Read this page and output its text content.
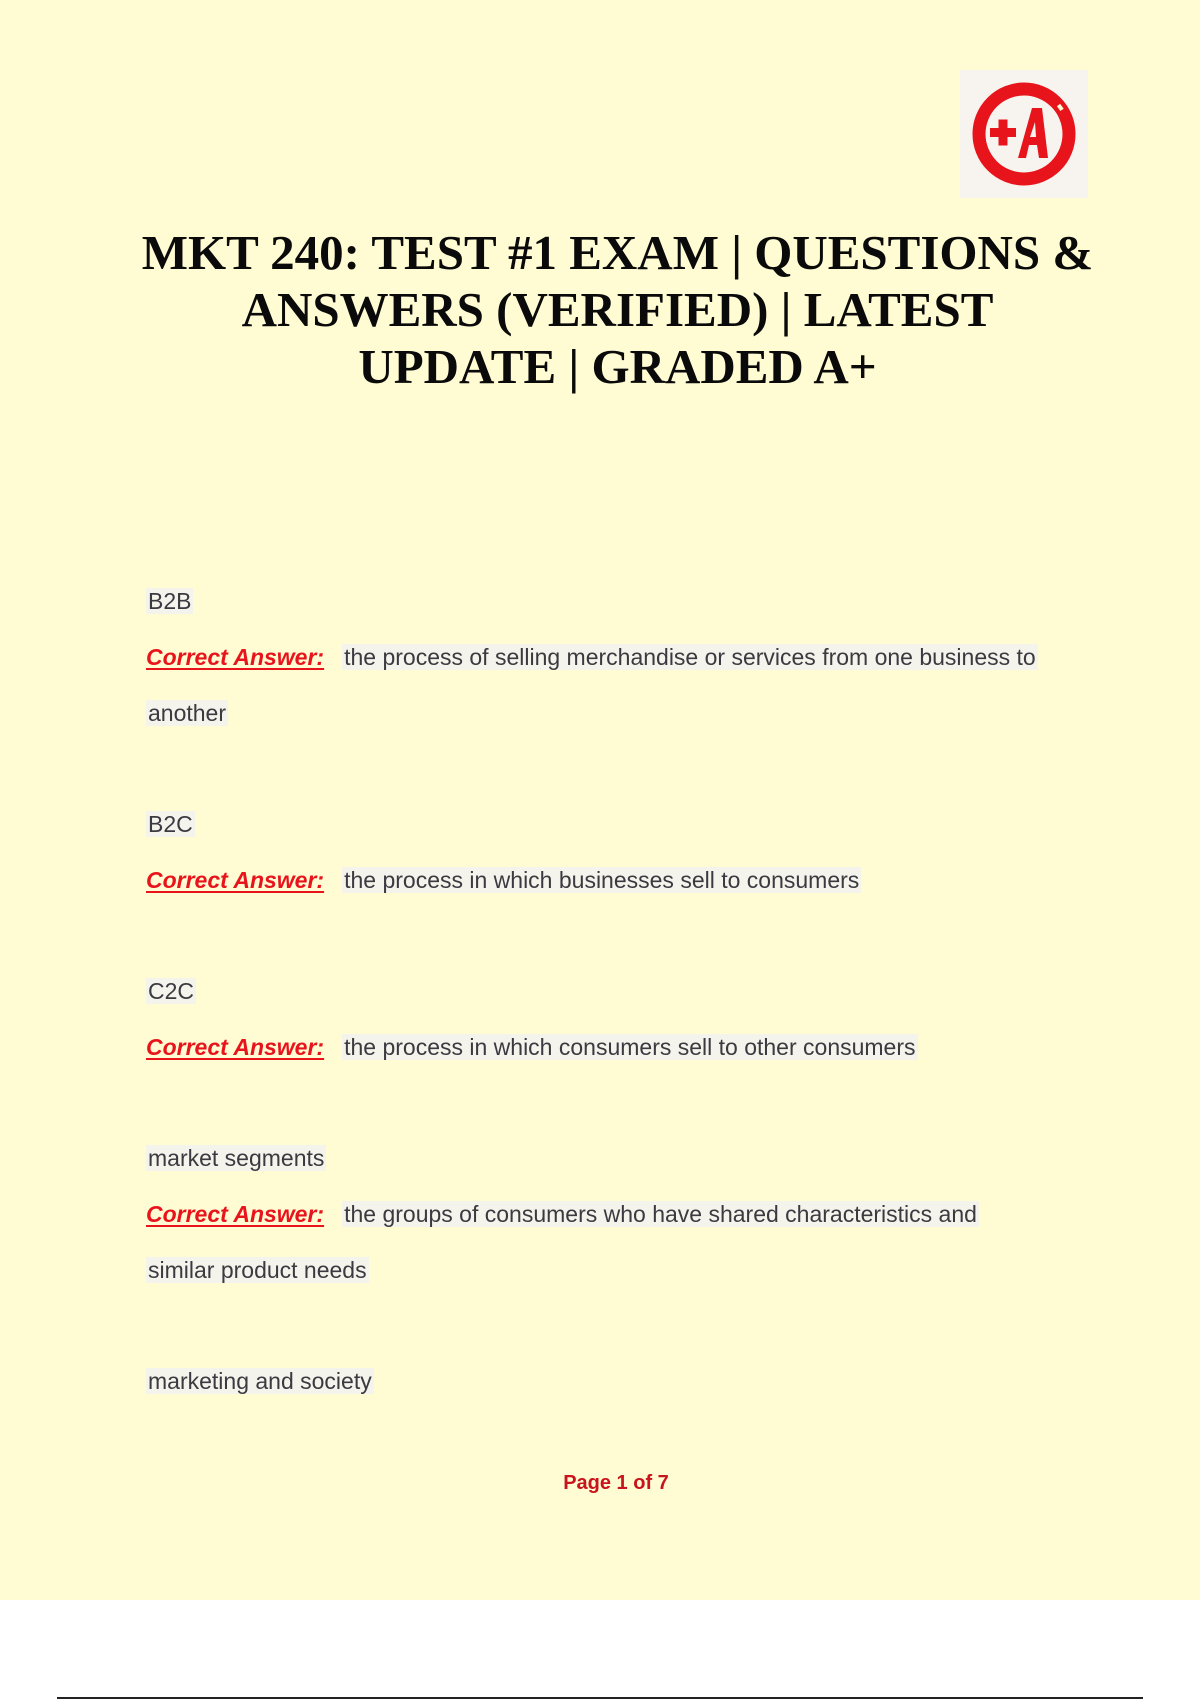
MKT 240: TEST #1 EXAM | QUESTIONS &
ANSWERS (VERIFIED) | LATEST
UPDATE | GRADED A+
B2B
Correct Answer: the process of selling merchandise or services from one business to
another
B2C
Correct Answer: the process in which businesses sell to consumers
C2C
Correct Answer: the process in which consumers sell to other consumers
market segments
Correct Answer: the groups of consumers who have shared characteristics and
similar product needs
marketing and society
Page 1 of 7
